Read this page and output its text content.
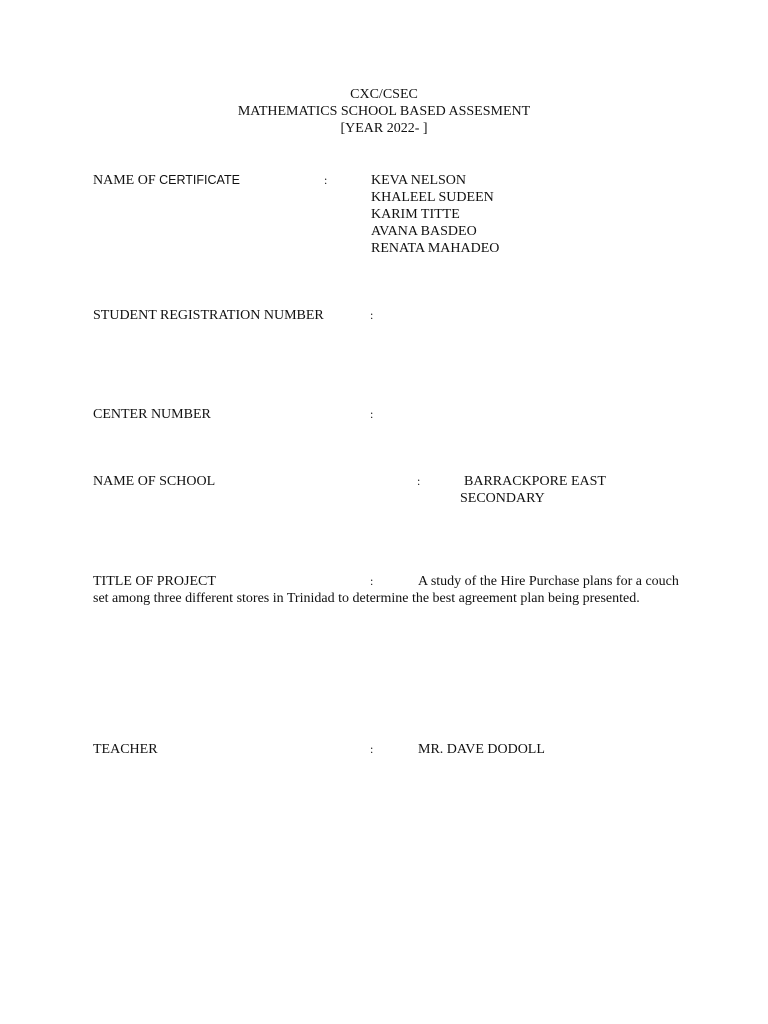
CXC/CSEC
MATHEMATICS SCHOOL BASED ASSESMENT
[YEAR 2022- ]
NAME OF CERTIFICATE	:	KEVA NELSON
KHALEEL SUDEEN
KARIM TITTE
AVANA BASDEO
RENATA MAHADEO
STUDENT REGISTRATION NUMBER	:
CENTER NUMBER	:
NAME OF SCHOOL	:	BARRACKPORE EAST
SECONDARY
TITLE OF PROJECT	:	A study of the Hire Purchase plans for a couch set among three different stores in Trinidad to determine the best agreement plan being presented.
TEACHER	:	MR. DAVE DODOLL
